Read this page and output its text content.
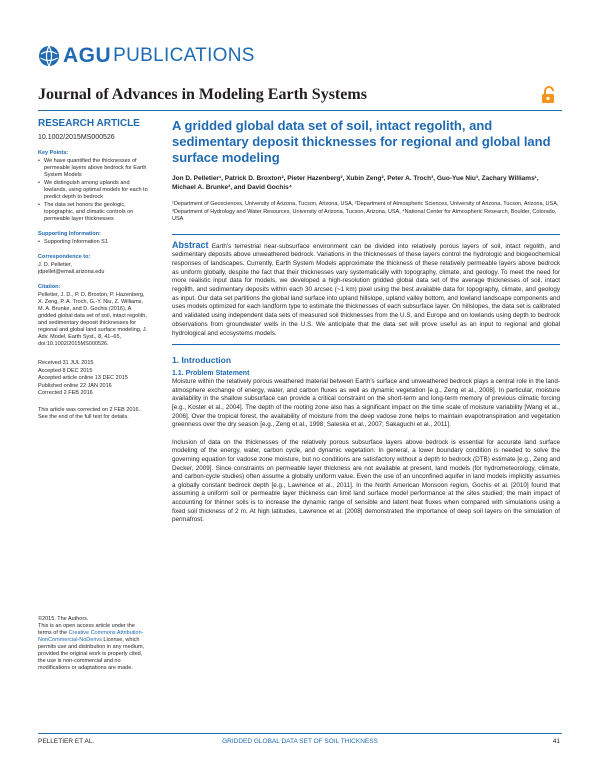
AGU PUBLICATIONS
Journal of Advances in Modeling Earth Systems
RESEARCH ARTICLE
10.1002/2015MS000526
Key Points:
• We have quantified the thicknesses of permeable layers above bedrock for Earth System Models
• We distinguish among uplands and lowlands, using optimal models for each to predict depth to bedrock
• The data set honors the geologic, topographic, and climatic controls on permeable layer thicknesses
Supporting Information:
• Supporting Information S1
Correspondence to:
J. D. Pelletier,
jdpellet@email.arizona.edu
Citation:
Pelletier, J. D., P. D. Broxton, P. Hazenberg, X. Zeng, P. A. Troch, G.-Y. Niu, Z. Williams, M. A. Brunke, and D. Gochis (2016), A gridded global data set of soil, intact regolith, and sedimentary deposit thicknesses for regional and global land surface modeling, J. Adv. Model. Earth Syst., 8, 41–65, doi:10.1002/2015MS000526.
Received 31 JUL 2015
Accepted 8 DEC 2015
Accepted article online 13 DEC 2015
Published online 22 JAN 2016
Corrected 2 FEB 2016
This article was corrected on 2 FEB 2016. See the end of the full text for details.
©2015. The Authors.
This is an open access article under the terms of the Creative Commons Attribution-NonCommercial-NoDerivs License, which permits use and distribution in any medium, provided the original work is properly cited, the use is non-commercial and no modifications or adaptations are made.
A gridded global data set of soil, intact regolith, and sedimentary deposit thicknesses for regional and global land surface modeling
Jon D. Pelletier¹, Patrick D. Broxton², Pieter Hazenberg², Xubin Zeng², Peter A. Troch³, Guo-Yue Niu³, Zachary Williams¹, Michael A. Brunke², and David Gochis⁴
¹Department of Geosciences, University of Arizona, Tucson, Arizona, USA, ²Department of Atmospheric Sciences, University of Arizona, Tucson, Arizona, USA, ³Department of Hydrology and Water Resources, University of Arizona, Tucson, Arizona, USA, ⁴National Center for Atmospheric Research, Boulder, Colorado, USA
Abstract Earth's terrestrial near-subsurface environment can be divided into relatively porous layers of soil, intact regolith, and sedimentary deposits above unweathered bedrock. Variations in the thicknesses of these layers control the hydrologic and biogeochemical responses of landscapes. Currently, Earth System Models approximate the thickness of these relatively permeable layers above bedrock as uniform globally, despite the fact that their thicknesses vary systematically with topography, climate, and geology. To meet the need for more realistic input data for models, we developed a high-resolution gridded global data set of the average thicknesses of soil, intact regolith, and sedimentary deposits within each 30 arcsec (~1 km) pixel using the best available data for topography, climate, and geology as input. Our data set partitions the global land surface into upland hillslope, upland valley bottom, and lowland landscape components and uses models optimized for each landform type to estimate the thicknesses of each subsurface layer. On hillslopes, the data set is calibrated and validated using independent data sets of measured soil thicknesses from the U.S. and Europe and on lowlands using depth to bedrock observations from groundwater wells in the U.S. We anticipate that the data set will prove useful as an input to regional and global hydrological and ecosystems models.
1. Introduction
1.1. Problem Statement
Moisture within the relatively porous weathered material between Earth's surface and unweathered bedrock plays a central role in the land-atmosphere exchange of energy, water, and carbon fluxes as well as dynamic vegetation [e.g., Zeng et al., 2008]. In particular, moisture availability in the shallow subsurface can provide a critical constraint on the short-term and long-term memory of previous climatic forcing [e.g., Koster et al., 2004]. The depth of the rooting zone also has a significant impact on the time scale of moisture variability [Wang et al., 2006]. Over the tropical forest, the availability of moisture from the deep vadose zone helps to maintain evapotranspiration and vegetation greenness over the dry season [e.g., Zeng et al., 1998; Saleska et al., 2007; Sakaguchi et al., 2011].
Inclusion of data on the thicknesses of the relatively porous subsurface layers above bedrock is essential for accurate land surface modeling of the energy, water, carbon cycle, and dynamic vegetation. In general, a lower boundary condition is needed to solve the governing equation for vadose zone moisture, but no conditions are satisfactory without a depth to bedrock (DTB) estimate [e.g., Zeng and Decker, 2009]. Since constraints on permeable layer thickness are not available at present, land models (for hydrometeorology, climate, and carbon-cycle studies) often assume a globally uniform value. Even the use of an unconfined aquifer in land models implicitly assumes a globally constant bedrock depth [e.g., Lawrence et al., 2011]. In the North American Monsoon region, Gochis et al. [2010] found that assuming a uniform soil or permeable layer thickness can limit land surface model performance at the sites studied; the main impact of accounting for thinner soils is to increase the dynamic range of sensible and latent heat fluxes when compared with simulations using a fixed soil thickness of 2 m. At high latitudes, Lawrence et al. [2008] demonstrated the importance of deep soil layers on the simulation of permafrost.
GRIDDED GLOBAL DATA SET OF SOIL THICKNESS
PELLETIER ET AL.	41
